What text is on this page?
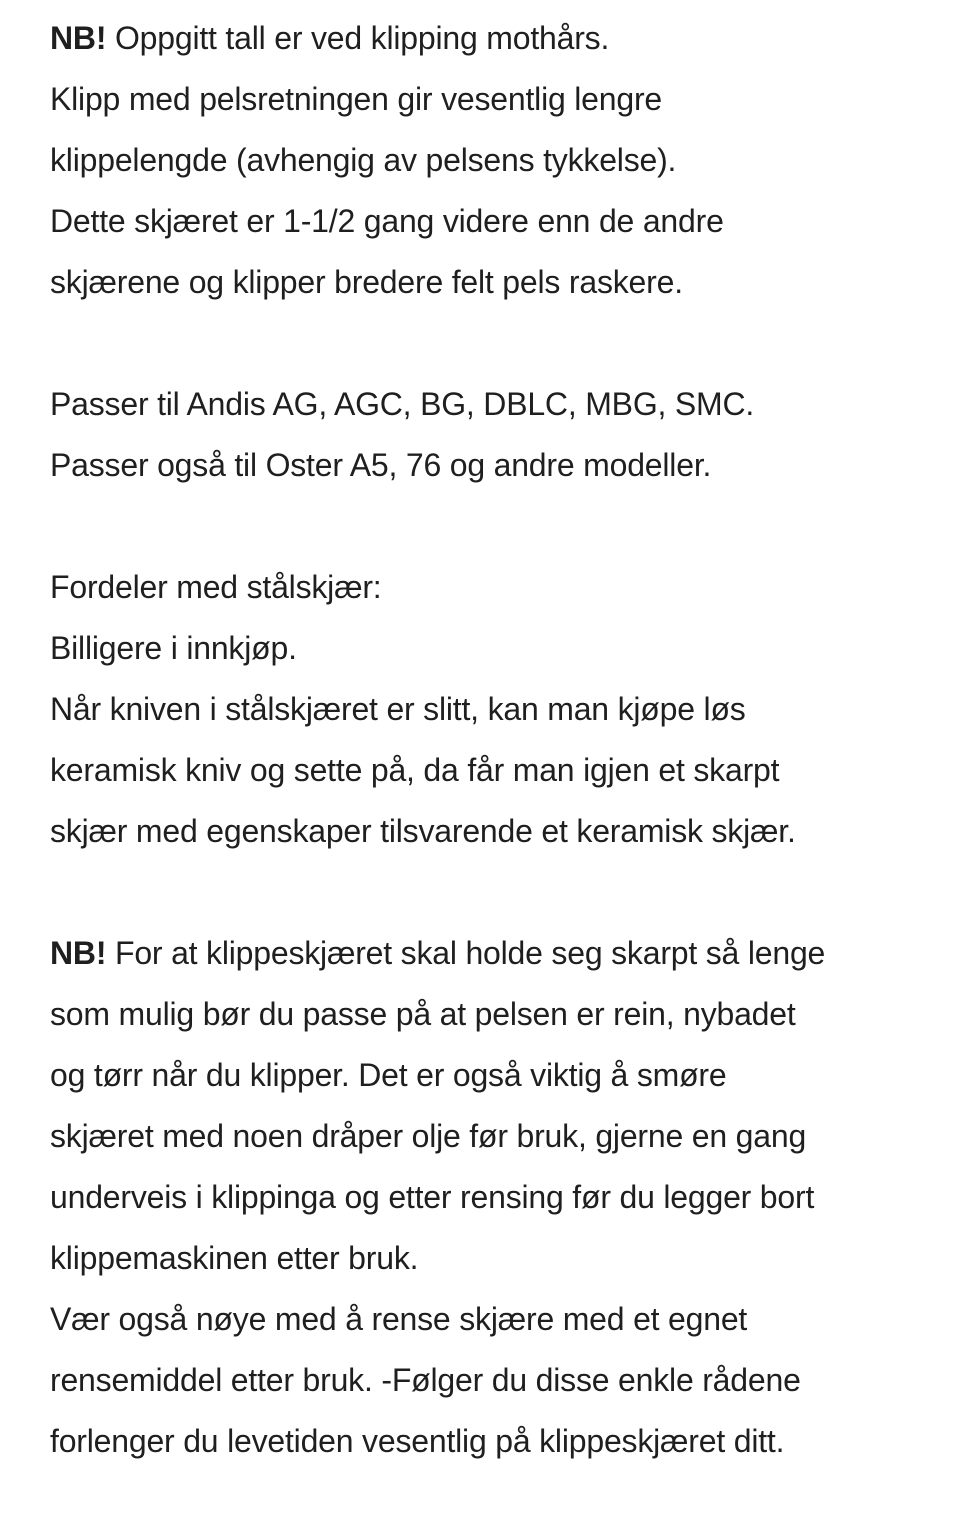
NB! Oppgitt tall er ved klipping mothårs.
Klipp med pelsretningen gir vesentlig lengre
klippelengde (avhengig av pelsens tykkelse).
Dette skjæret er 1-1/2 gang videre enn de andre
skjærene og klipper bredere felt pels raskere.
Passer til Andis AG, AGC, BG, DBLC, MBG, SMC.
Passer også til Oster A5, 76 og andre modeller.
Fordeler med stålskjær:
Billigere i innkjøp.
Når kniven i stålskjæret er slitt, kan man kjøpe løs
keramisk kniv og sette på, da får man igjen et skarpt
skjær med egenskaper tilsvarende et keramisk skjær.
NB! For at klippeskjæret skal holde seg skarpt så lenge
som mulig bør du passe på at pelsen er rein, nybadet
og tørr når du klipper. Det er også viktig å smøre
skjæret med noen dråper olje før bruk, gjerne en gang
underveis i klippinga og etter rensing før du legger bort
klippemaskinen etter bruk.
Vær også nøye med å rense skjære med et egnet
rensemiddel etter bruk. -Følger du disse enkle rådene
forlenger du levetiden vesentlig på klippeskjæret ditt.
